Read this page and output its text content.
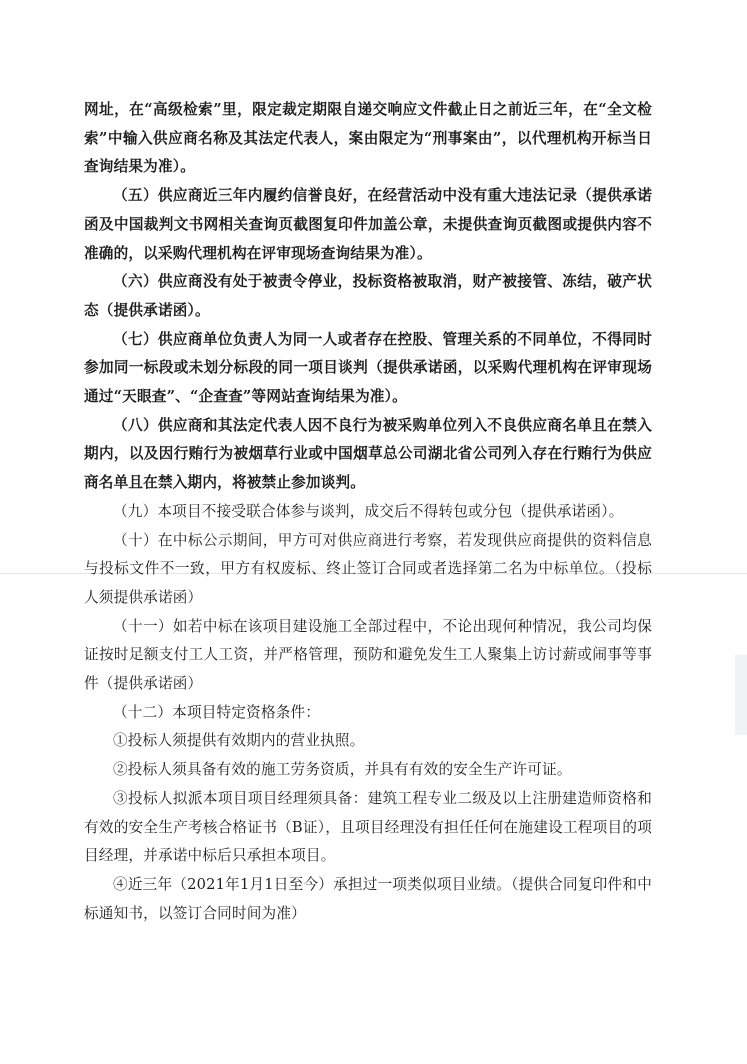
网址，在“高级检索”里，限定裁定期限自递交响应文件截止日之前近三年，在“全文检索”中输入供应商名称及其法定代表人，案由限定为“刑事案由”，以代理机构开标当日查询结果为准）。

（五）供应商近三年内履约信誉良好，在经营活动中没有重大违法记录（提供承诺函及中国裁判文书网相关查询页截图复印件加盖公章，未提供查询页截图或提供内容不准确的，以采购代理机构在评审现场查询结果为准）。

（六）供应商没有处于被责令停业，投标资格被取消，财产被接管、冻结，破产状态（提供承诺函）。

（七）供应商单位负责人为同一人或者存在控股、管理关系的不同单位，不得同时参加同一标段或未划分标段的同一项目谈判（提供承诺函，以采购代理机构在评审现场通过“天眼查”、“企查查”等网站查询结果为准）。

（八）供应商和其法定代表人因不良行为被采购单位列入不良供应商名单且在禁入期内，以及因行贿行为被烟草行业或中国烟草总公司湖北省公司列入存在行贿行为供应商名单且在禁入期内，将被禁止参加谈判。

（九）本项目不接受联合体参与谈判，成交后不得转包或分包（提供承诺函）。

（十）在中标公示期间，甲方可对供应商进行考察，若发现供应商提供的资料信息与投标文件不一致，甲方有权废标、终止签订合同或者选择第二名为中标单位。（投标人须提供承诺函）

（十一）如若中标在该项目建设施工全部过程中，不论出现何种情况，我公司均保证按时足额支付工人工资，并严格管理，预防和避免发生工人聚集上访讨薪或闹事等事件（提供承诺函）

（十二）本项目特定资格条件：

①投标人须提供有效期内的营业执照。

②投标人须具备有效的施工劳务资质，并具有有效的安全生产许可证。

③投标人拟派本项目项目经理须具备：建筑工程专业二级及以上注册建造师资格和有效的安全生产考核合格证书（B证），且项目经理没有担任任何在施建设工程项目的项目经理，并承诺中标后只承担本项目。

④近三年（2021年1月1日至今）承担过一项类似项目业绩。（提供合同复印件和中标通知书，以签订合同时间为准）
